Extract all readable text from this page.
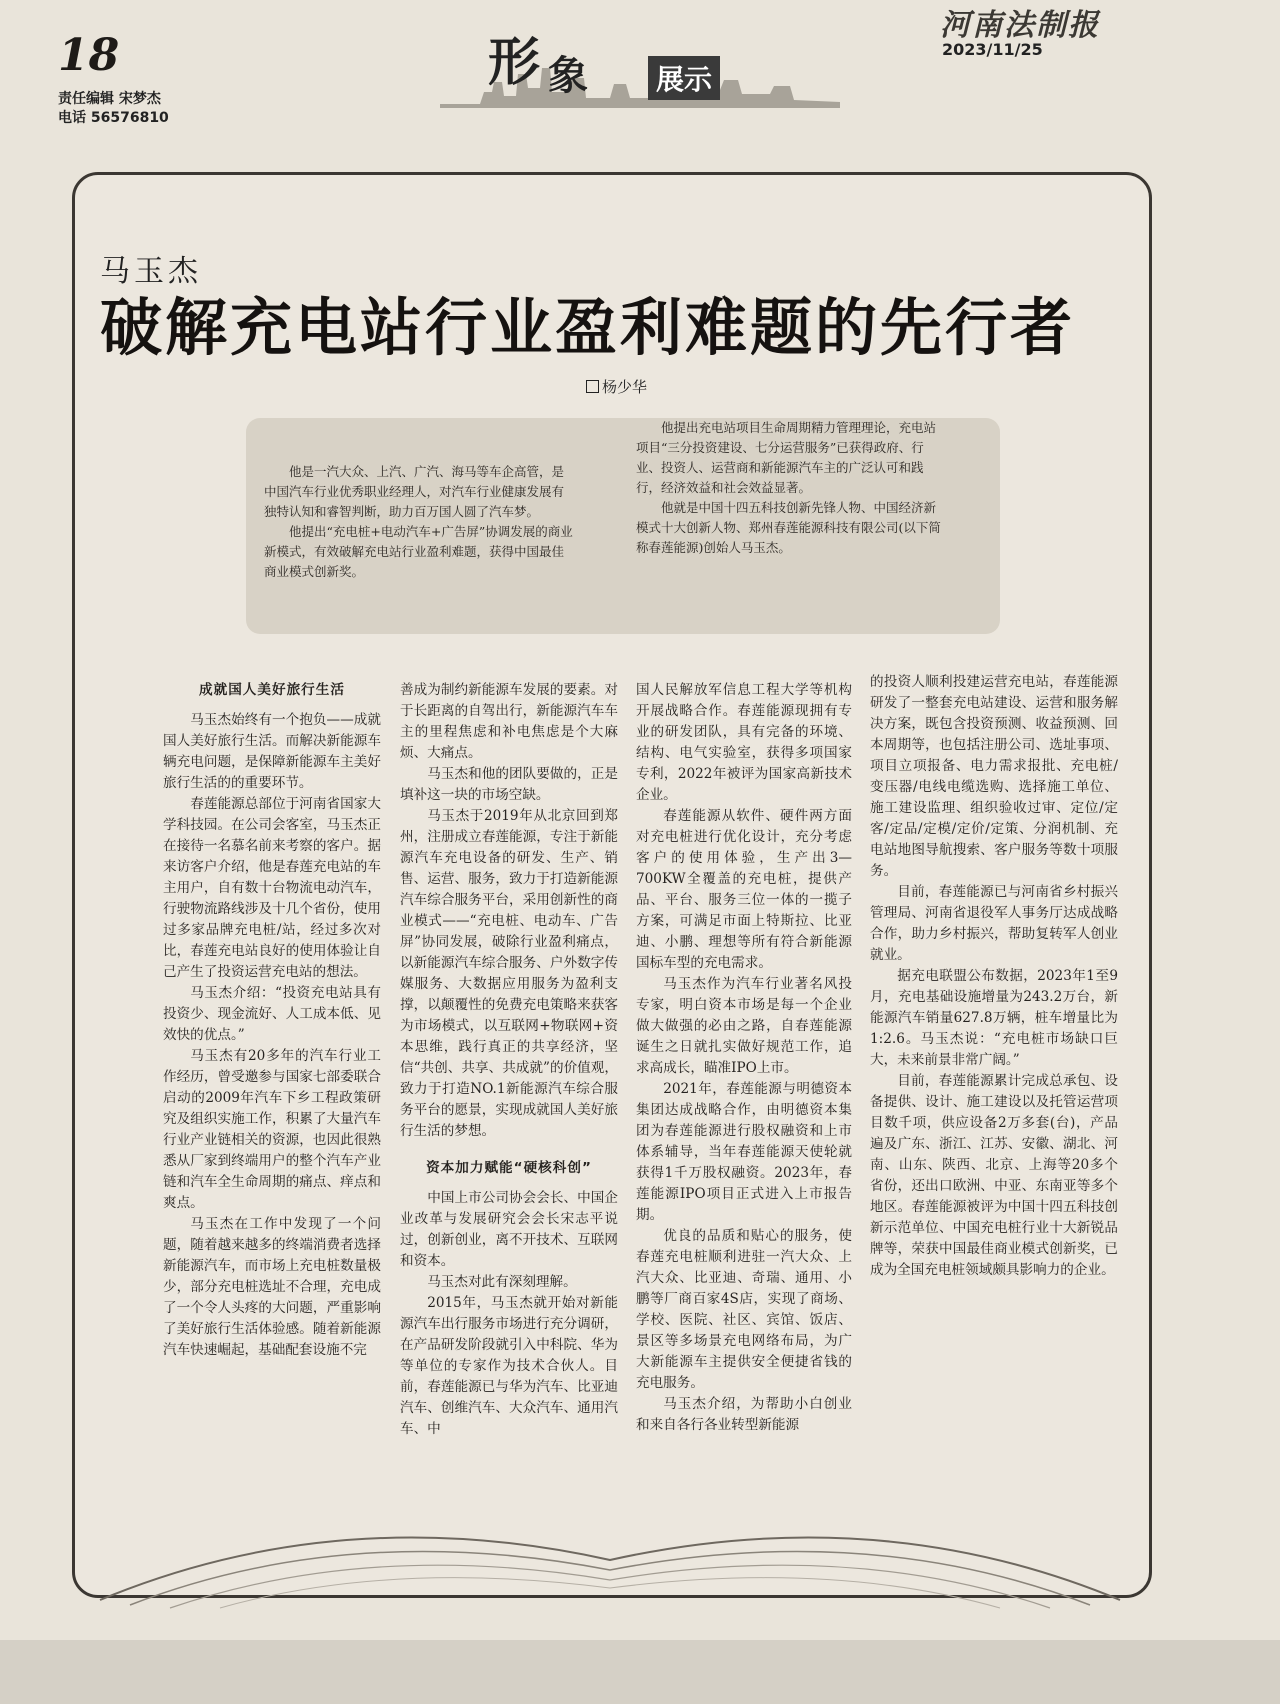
18
责任编辑 宋梦杰
电话 56576810
形 象 展示
河南法制报
2023/11/25
马玉杰
破解充电站行业盈利难题的先行者
杨少华

他是一汽大众、上汽、广汽、海马等车企高管，是中国汽车行业优秀职业经理人，对汽车行业健康发展有独特认知和睿智判断，助力百万国人圆了汽车梦。

他提出“充电桩+电动汽车+广告屏”协调发展的商业新模式，有效破解充电站行业盈利难题，获得中国最佳商业模式创新奖。

他提出充电站项目生命周期精力管理理论，充电站项目“三分投资建设、七分运营服务”已获得政府、行业、投资人、运营商和新能源汽车主的广泛认可和践行，经济效益和社会效益显著。

他就是中国十四五科技创新先锋人物、中国经济新模式十大创新人物、郑州春莲能源科技有限公司(以下简称春莲能源)创始人马玉杰。

成就国人美好旅行生活

马玉杰始终有一个抱负——成就国人美好旅行生活。而解决新能源车辆充电问题，是保障新能源车主美好旅行生活的的重要环节。

春莲能源总部位于河南省国家大学科技园。在公司会客室，马玉杰正在接待一名慕名前来考察的客户。据来访客户介绍，他是春莲充电站的车主用户，自有数十台物流电动汽车，行驶物流路线涉及十几个省份，使用过多家品牌充电桩/站，经过多次对比，春莲充电站良好的使用体验让自己产生了投资运营充电站的想法。

马玉杰介绍：“投资充电站具有投资少、现金流好、人工成本低、见效快的优点。”

马玉杰有20多年的汽车行业工作经历，曾受邀参与国家七部委联合启动的2009年汽车下乡工程政策研究及组织实施工作，积累了大量汽车行业产业链相关的资源，也因此很熟悉从厂家到终端用户的整个汽车产业链和汽车全生命周期的痛点、痒点和爽点。

马玉杰在工作中发现了一个问题，随着越来越多的终端消费者选择新能源汽车，而市场上充电桩数量极少，部分充电桩选址不合理，充电成了一个令人头疼的大问题，严重影响了美好旅行生活体验感。随着新能源汽车快速崛起，基础配套设施不完

善成为制约新能源车发展的要素。对于长距离的自驾出行，新能源汽车车主的里程焦虑和补电焦虑是个大麻烦、大痛点。

马玉杰和他的团队要做的，正是填补这一块的市场空缺。

马玉杰于2019年从北京回到郑州，注册成立春莲能源，专注于新能源汽车充电设备的研发、生产、销售、运营、服务，致力于打造新能源汽车综合服务平台，采用创新性的商业模式——“充电桩、电动车、广告屏”协同发展，破除行业盈利痛点，以新能源汽车综合服务、户外数字传媒服务、大数据应用服务为盈利支撑，以颠覆性的免费充电策略来获客为市场模式，以互联网+物联网+资本思维，践行真正的共享经济，坚信“共创、共享、共成就”的价值观，致力于打造NO.1新能源汽车综合服务平台的愿景，实现成就国人美好旅行生活的梦想。

资本加力赋能“硬核科创”

中国上市公司协会会长、中国企业改革与发展研究会会长宋志平说过，创新创业，离不开技术、互联网和资本。

马玉杰对此有深刻理解。

2015年，马玉杰就开始对新能源汽车出行服务市场进行充分调研，在产品研发阶段就引入中科院、华为等单位的专家作为技术合伙人。目前，春莲能源已与华为汽车、比亚迪汽车、创维汽车、大众汽车、通用汽车、中

国人民解放军信息工程大学等机构开展战略合作。春莲能源现拥有专业的研发团队，具有完备的环境、结构、电气实验室，获得多项国家专利，2022年被评为国家高新技术企业。

春莲能源从软件、硬件两方面对充电桩进行优化设计，充分考虑客户的使用体验，生产出3—700KW全覆盖的充电桩，提供产品、平台、服务三位一体的一揽子方案，可满足市面上特斯拉、比亚迪、小鹏、理想等所有符合新能源国标车型的充电需求。

马玉杰作为汽车行业著名风投专家，明白资本市场是每一个企业做大做强的必由之路，自春莲能源诞生之日就扎实做好规范工作，追求高成长，瞄准IPO上市。

2021年，春莲能源与明德资本集团达成战略合作，由明德资本集团为春莲能源进行股权融资和上市体系辅导，当年春莲能源天使轮就获得1千万股权融资。2023年，春莲能源IPO项目正式进入上市报告期。

优良的品质和贴心的服务，使春莲充电桩顺利进驻一汽大众、上汽大众、比亚迪、奇瑞、通用、小鹏等厂商百家4S店，实现了商场、学校、医院、社区、宾馆、饭店、景区等多场景充电网络布局，为广大新能源车主提供安全便捷省钱的充电服务。

马玉杰介绍，为帮助小白创业和来自各行各业转型新能源

的投资人顺利投建运营充电站，春莲能源研发了一整套充电站建设、运营和服务解决方案，既包含投资预测、收益预测、回本周期等，也包括注册公司、选址事项、项目立项报备、电力需求报批、充电桩/变压器/电线电缆选购、选择施工单位、施工建设监理、组织验收过审、定位/定客/定品/定模/定价/定策、分润机制、充电站地图导航搜索、客户服务等数十项服务。

目前，春莲能源已与河南省乡村振兴管理局、河南省退役军人事务厅达成战略合作，助力乡村振兴，帮助复转军人创业就业。

据充电联盟公布数据，2023年1至9月，充电基础设施增量为243.2万台，新能源汽车销量627.8万辆，桩车增量比为1:2.6。马玉杰说：“充电桩市场缺口巨大，未来前景非常广阔。”

目前，春莲能源累计完成总承包、设备提供、设计、施工建设以及托管运营项目数千项，供应设备2万多套(台)，产品遍及广东、浙江、江苏、安徽、湖北、河南、山东、陕西、北京、上海等20多个省份，还出口欧洲、中亚、东南亚等多个地区。春莲能源被评为中国十四五科技创新示范单位、中国充电桩行业十大新锐品牌等，荣获中国最佳商业模式创新奖，已成为全国充电桩领域颇具影响力的企业。
